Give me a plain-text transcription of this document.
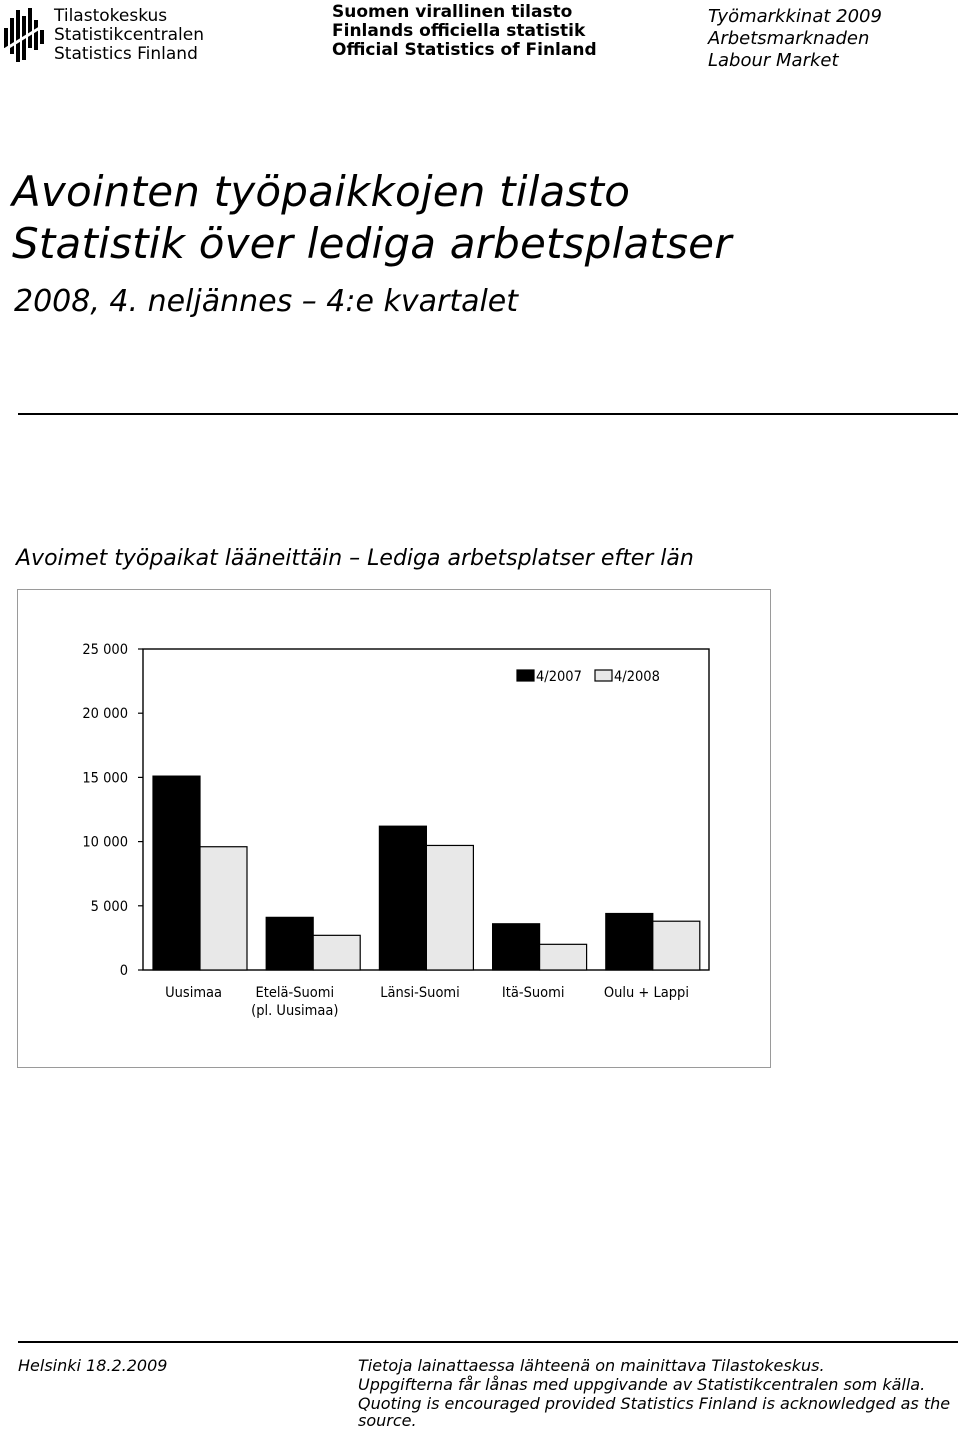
Tilastokeskus
Statistikcentralen
Statistics Finland
Suomen virallinen tilasto
Finlands officiella statistik
Official Statistics of Finland
Työmarkkinat 2009
Arbetsmarknaden
Labour Market
Avointen työpaikkojen tilasto
Statistik över lediga arbetsplatser
2008, 4. neljännes – 4:e kvartalet
Avoimet työpaikat lääneittäin – Lediga arbetsplatser efter län
0
5 000
10 000
15 000
20 000
25 000
Uusimaa Etelä-Suomi
(pl. Uusimaa)
Länsi-Suomi	Itä-Suomi	Oulu + Lappi
4/2007 4/2008
Helsinki 18.2.2009	Tietoja lainattaessa lähteenä on mainittava Tilastokeskus.
Uppgifterna får lånas med uppgivande av Statistikcentralen som källa.
Quoting is encouraged provided Statistics Finland is acknowledged as the source.
